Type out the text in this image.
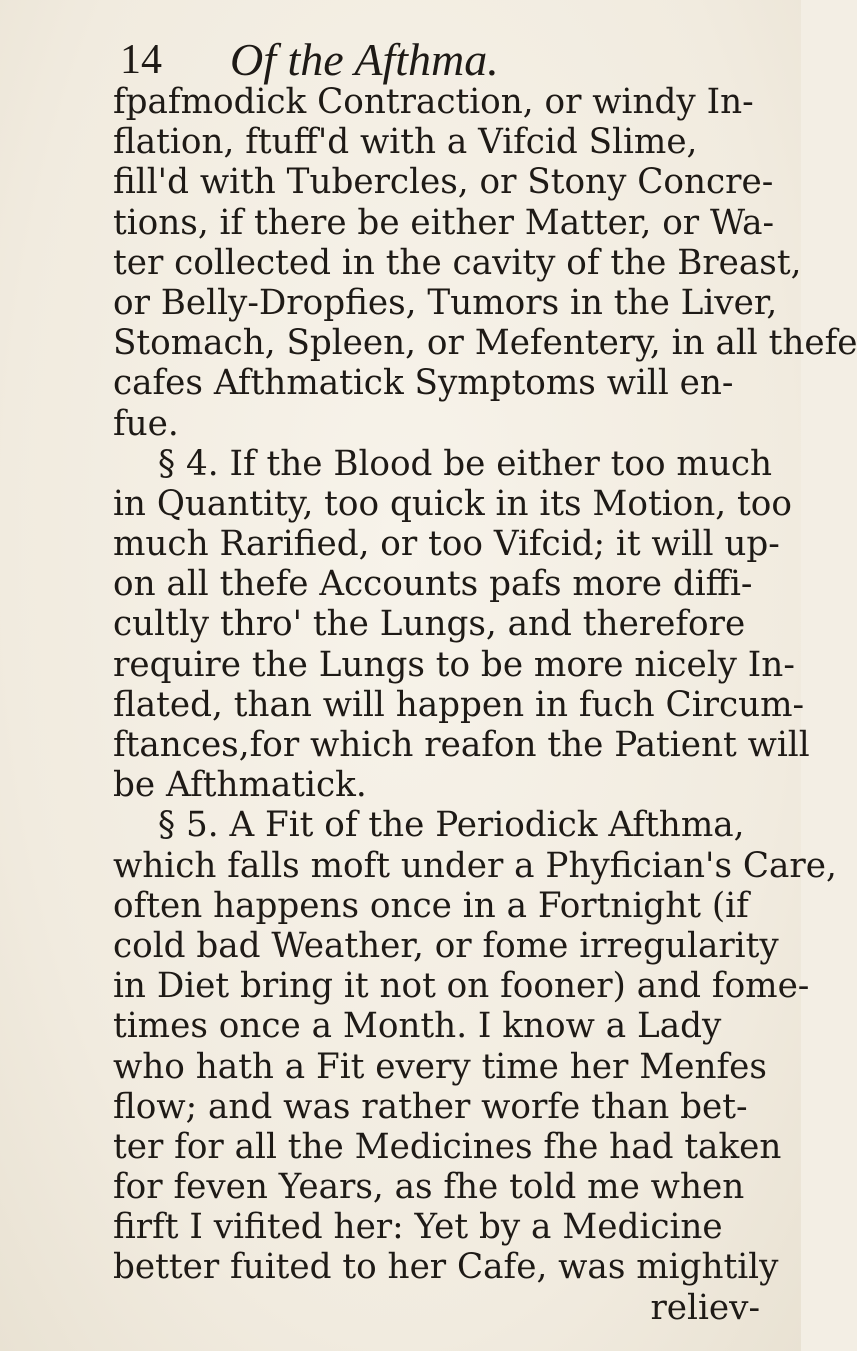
14 Of the Afthma.
fpafmodick Contraction, or windy In-
flation, ftuff'd with a Vifcid Slime,
fill'd with Tubercles, or Stony Concre-
tions, if there be either Matter, or Wa-
ter collected in the cavity of the Breast,
or Belly-Dropfies, Tumors in the Liver,
Stomach, Spleen, or Mefentery, in all thefe
cafes Afthmatick Symptoms will en-
fue.
§ 4. If the Blood be either too much
in Quantity, too quick in its Motion, too
much Rarified, or too Vifcid; it will up-
on all thefe Accounts pafs more diffi-
cultly thro' the Lungs, and therefore
require the Lungs to be more nicely In-
flated, than will happen in fuch Circum-
ftances,for which reafon the Patient will
be Afthmatick.
§ 5. A Fit of the Periodick Afthma,
which falls moft under a Phyfician's Care,
often happens once in a Fortnight (if
cold bad Weather, or fome irregularity
in Diet bring it not on fooner) and fome-
times once a Month. I know a Lady
who hath a Fit every time her Menfes
flow; and was rather worfe than bet-
ter for all the Medicines fhe had taken
for feven Years, as fhe told me when
firft I vifited her: Yet by a Medicine
better fuited to her Cafe, was mightily
reliev-
